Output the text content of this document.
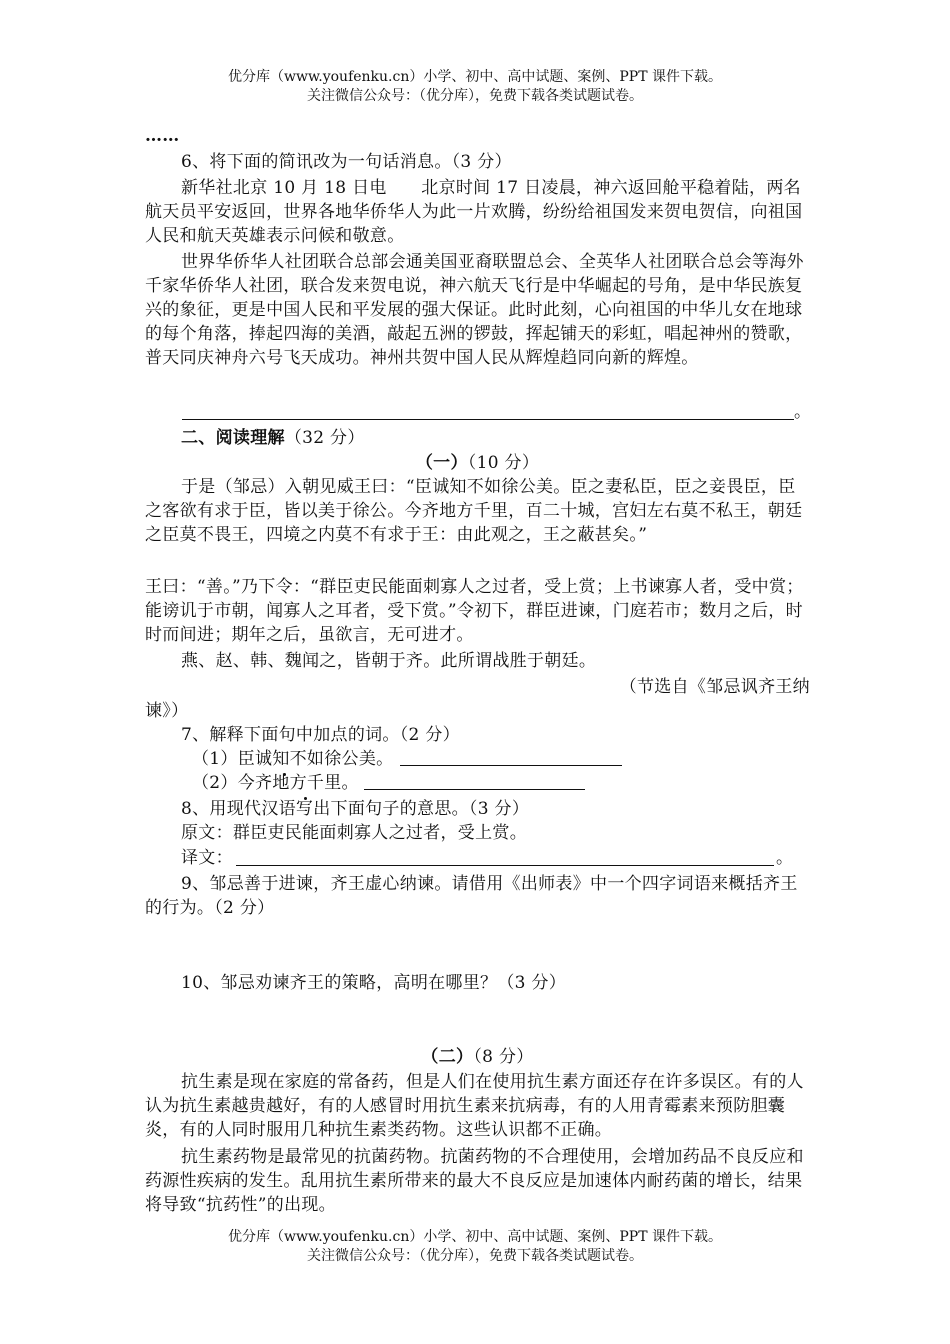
优分库（www.youfenku.cn）小学、初中、高中试题、案例、PPT 课件下载。
关注微信公众号：（优分库），免费下载各类试题试卷。
……
6、将下面的简讯改为一句话消息。（3 分）
新华社北京 10 月 18 日电　　北京时间 17 日凌晨，神六返回舱平稳着陆，两名航天员平安返回，世界各地华侨华人为此一片欢腾，纷纷给祖国发来贺电贺信，向祖国人民和航天英雄表示问候和敬意。
世界华侨华人社团联合总部会通美国亚裔联盟总会、全英华人社团联合总会等海外千家华侨华人社团，联合发来贺电说，神六航天飞行是中华崛起的号角，是中华民族复兴的象征，更是中国人民和平发展的强大保证。此时此刻，心向祖国的中华儿女在地球的每个角落，捧起四海的美酒，敲起五洲的锣鼓，挥起铺天的彩虹，唱起神州的赞歌，普天同庆神舟六号飞天成功。神州共贺中国人民从辉煌趋同向新的辉煌。
。
二、阅读理解（32 分）
（一）（10 分）
于是（邹忌）入朝见威王曰：“臣诚知不如徐公美。臣之妻私臣，臣之妾畏臣，臣之客欲有求于臣，皆以美于徐公。今齐地方千里，百二十城，宫妇左右莫不私王，朝廷之臣莫不畏王，四境之内莫不有求于王：由此观之，王之蔽甚矣。”
王曰：“善。”乃下令：“群臣吏民能面刺寡人之过者，受上赏；上书谏寡人者，受中赏；能谤讥于市朝，闻寡人之耳者，受下赏。”令初下，群臣进谏，门庭若市；数月之后，时时而间进；期年之后，虽欲言，无可进才。
燕、赵、韩、魏闻之，皆朝于齐。此所谓战胜于朝廷。
（节选自《邹忌讽齐王纳
谏》）
7、解释下面句中加点的词。（2 分）
（1）臣诚知不如徐公美。
（2）今齐地方千里。
8、用现代汉语写出下面句子的意思。（3 分）
原文：群臣吏民能面刺寡人之过者，受上赏。
译文：	。
9、邹忌善于进谏，齐王虚心纳谏。请借用《出师表》中一个四字词语来概括齐王的行为。（2 分）
10、邹忌劝谏齐王的策略，高明在哪里？（3 分）
（二）（8 分）
抗生素是现在家庭的常备药，但是人们在使用抗生素方面还存在许多误区。有的人认为抗生素越贵越好，有的人感冒时用抗生素来抗病毒，有的人用青霉素来预防胆囊炎，有的人同时服用几种抗生素类药物。这些认识都不正确。
抗生素药物是最常见的抗菌药物。抗菌药物的不合理使用，会增加药品不良反应和药源性疾病的发生。乱用抗生素所带来的最大不良反应是加速体内耐药菌的增长，结果将导致“抗药性”的出现。
优分库（www.youfenku.cn）小学、初中、高中试题、案例、PPT 课件下载。
关注微信公众号：（优分库），免费下载各类试题试卷。
